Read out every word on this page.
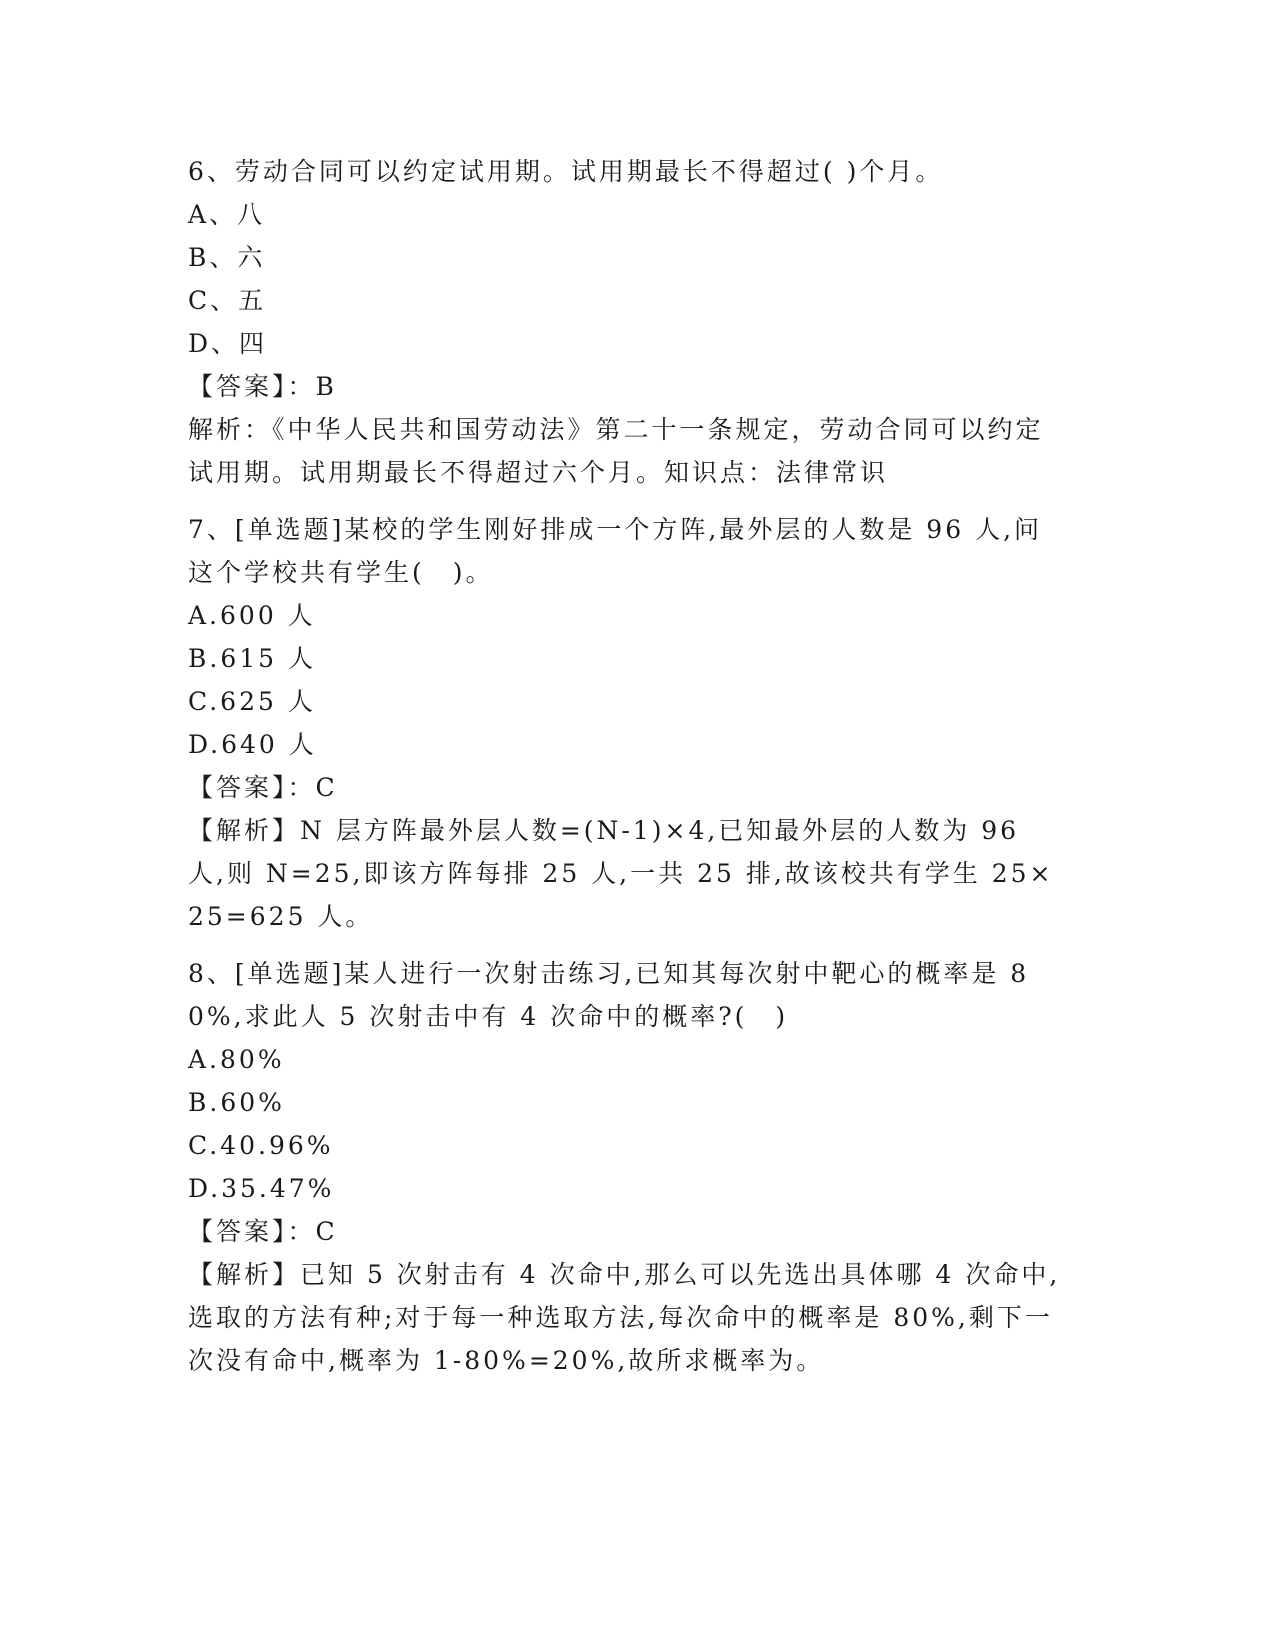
6、劳动合同可以约定试用期。试用期最长不得超过( )个月。
A、八
B、六
C、五
D、四
【答案】：B
解析：《中华人民共和国劳动法》第二十一条规定，劳动合同可以约定试用期。试用期最长不得超过六个月。知识点：法律常识
7、[单选题]某校的学生刚好排成一个方阵,最外层的人数是 96 人,问这个学校共有学生(　)。
A.600 人
B.615 人
C.625 人
D.640 人
【答案】：C
【解析】N 层方阵最外层人数=(N-1)×4,已知最外层的人数为 96 人,则 N=25,即该方阵每排 25 人,一共 25 排,故该校共有学生 25×25=625 人。
8、[单选题]某人进行一次射击练习,已知其每次射中靶心的概率是 80%,求此人 5 次射击中有 4 次命中的概率?(　)
A.80%
B.60%
C.40.96%
D.35.47%
【答案】：C
【解析】已知 5 次射击有 4 次命中,那么可以先选出具体哪 4 次命中,选取的方法有种;对于每一种选取方法,每次命中的概率是 80%,剩下一次没有命中,概率为 1-80%=20%,故所求概率为。
